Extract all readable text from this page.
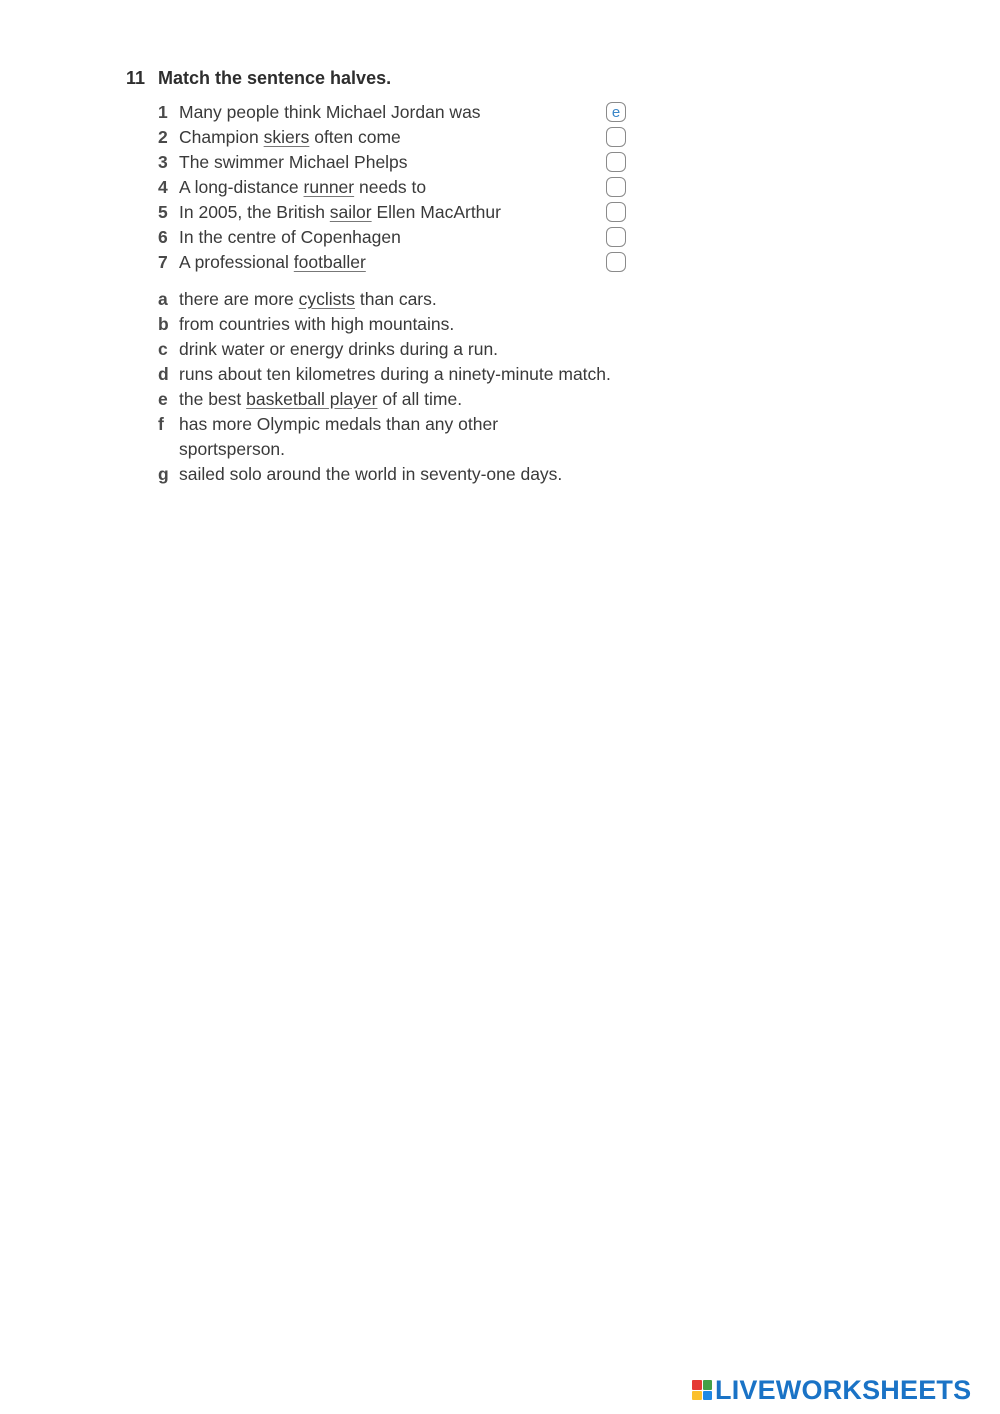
11 Match the sentence halves.
1 Many people think Michael Jordan was
e
2 Champion skiers often come
3 The swimmer Michael Phelps
4 A long-distance runner needs to
5 In 2005, the British sailor Ellen MacArthur
6 In the centre of Copenhagen
7 A professional footballer
a there are more cyclists than cars.
b from countries with high mountains.
c drink water or energy drinks during a run.
d runs about ten kilometres during a ninety-minute match.
e the best basketball player of all time.
f has more Olympic medals than any other sportsperson.
g sailed solo around the world in seventy-one days.
LIVEWORKSHEETS
